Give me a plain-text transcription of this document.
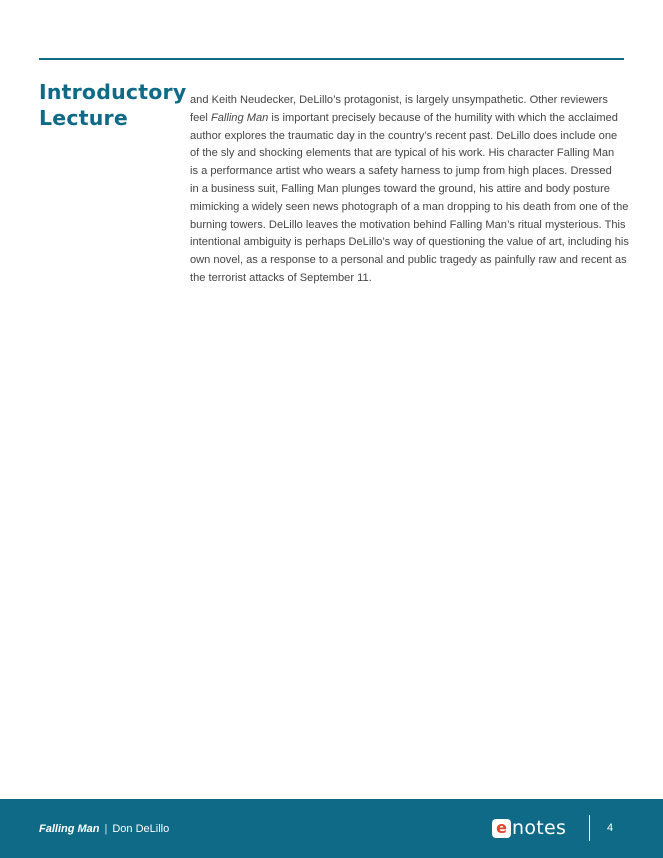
Introductory
Lecture

and Keith Neudecker, DeLillo’s protagonist, is largely unsympathetic. Other reviewers
feel Falling Man is important precisely because of the humility with which the acclaimed
author explores the traumatic day in the country’s recent past. DeLillo does include one
of the sly and shocking elements that are typical of his work. His character Falling Man
is a performance artist who wears a safety harness to jump from high places. Dressed
in a business suit, Falling Man plunges toward the ground, his attire and body posture
mimicking a widely seen news photograph of a man dropping to his death from one of the
burning towers. DeLillo leaves the motivation behind Falling Man’s ritual mysterious. This
intentional ambiguity is perhaps DeLillo’s way of questioning the value of art, including his
own novel, as a response to a personal and public tragedy as painfully raw and recent as
the terrorist attacks of September 11.

Falling Man | Don DeLillo	e notes	4
